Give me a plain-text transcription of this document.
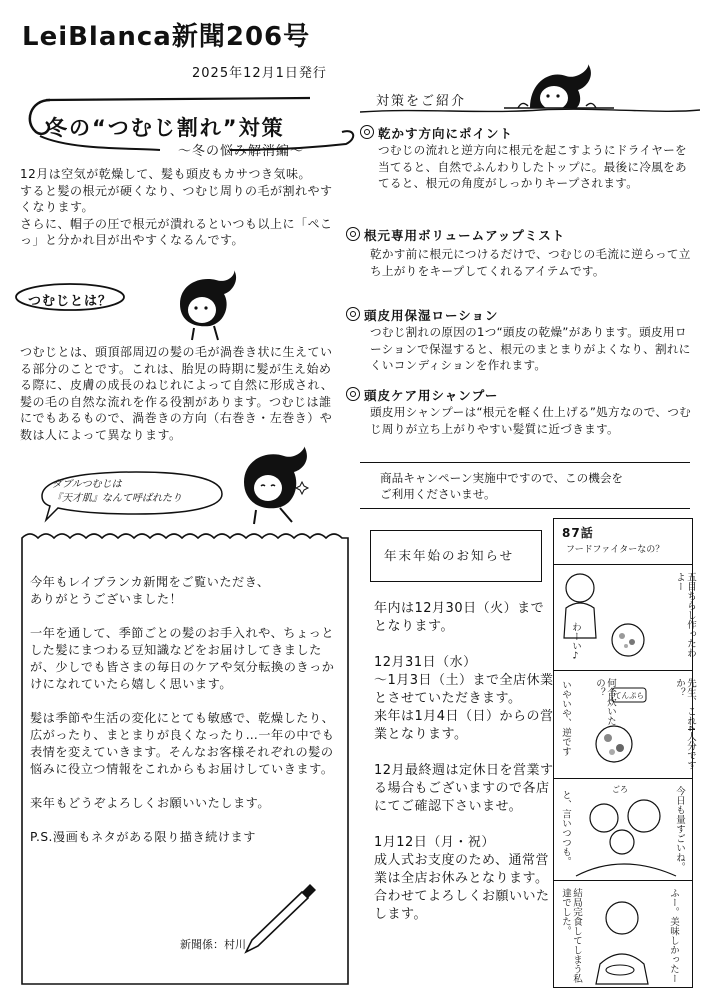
LeiBlanca新聞206号
2025年12月1日発行
冬の“つむじ割れ”対策
〜冬の悩み解消編〜
12月は空気が乾燥して、髪も頭皮もカサつき気味。
すると髪の根元が硬くなり、つむじ周りの毛が割れやすくなります。
さらに、帽子の圧で根元が潰れるといつも以上に「ペこっ」と分かれ目が出やすくなるんです。
つむじとは？
つむじとは、頭頂部周辺の髪の毛が渦巻き状に生えている部分のことです。これは、胎児の時期に髪が生え始める際に、皮膚の成長のねじれによって自然に形成され、髪の毛の自然な流れを作る役割があります。つむじは誰にでもあるもので、渦巻きの方向（右巻き・左巻き）や数は人によって異なります。
ダブルつむじは
『天才肌』なんて呼ばれたり
今年もレイブランカ新聞をご覧いただき、
ありがとうございました！

一年を通して、季節ごとの髪のお手入れや、ちょっとした髪にまつわる豆知識などをお届けしてきましたが、少しでも皆さまの毎日のケアや気分転換のきっかけになれていたら嬉しく思います。

髪は季節や生活の変化にとても敏感で、乾燥したり、広がったり、まとまりが良くなったり…一年の中でも表情を変えていきます。そんなお客様それぞれの髪の悩みに役立つ情報をこれからもお届けしていきます。

来年もどうぞよろしくお願いいたします。

P.S.漫画もネタがある限り描き続けます
新聞係：村川
対策をご紹介
乾かす方向にポイント
つむじの流れと逆方向に根元を起こすようにドライヤーを当てると、自然でふんわりしたトップに。最後に冷風をあてると、根元の角度がしっかりキープされます。
根元専用ボリュームアップミスト
乾かす前に根元につけるだけで、つむじの毛流に逆らって立ち上がりをキープしてくれるアイテムです。
頭皮用保湿ローション
つむじ割れの原因の1つ“頭皮の乾燥”があります。頭皮用ローションで保湿すると、根元のまとまりがよくなり、割れにくいコンディションを作れます。
頭皮ケア用シャンプー
頭皮用シャンプーは“根元を軽く仕上げる”処方なので、つむじ周りが立ち上がりやすい髪質に近づきます。
商品キャンペーン実施中ですので、この機会を
ご利用くださいませ。
年末年始のお知らせ
年内は12月30日（火）までとなります。

12月31日（水）
〜1月3日（土）まで全店休業とさせていただきます。
来年は1月4日（日）からの営業となります。

12月最終週は定休日を営業する場合もございますので各店にてご確認下さいませ。

1月12日（月・祝）
成人式お支度のため、通常営業は全店お休みとなります。
合わせてよろしくお願いいたします。
87話
フードファイターなの？
五目ちらし作ったわよー
わーい♪
てんぷら	先生、これ4人分ですか？
何合炊いたの？
いやいや、逆です
ごろ	今日も量すごいね。
と、言いつつも。
ふー。美味しかったー
結局完食してしまう私達でした。
